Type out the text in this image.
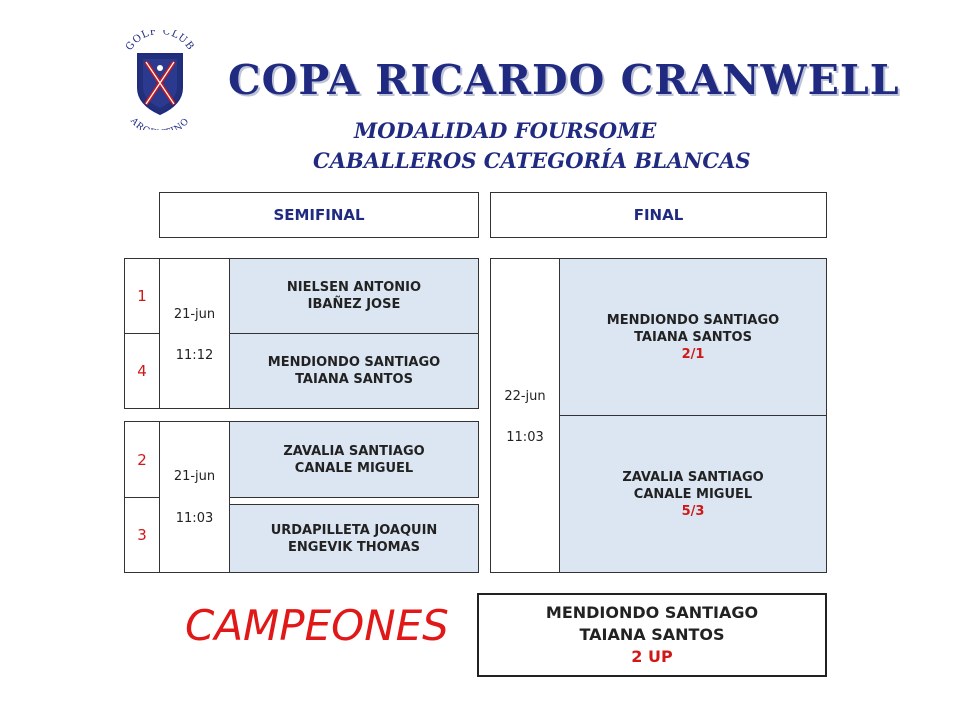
GOLF CLUB
AR NO
COPA RICARDO CRANWELL
MODALIDAD FOURSOME
CABALLEROS CATEGORÍA BLANCAS
SEMIFINAL	FINAL
1
4
21-jun
11:12
NIELSEN ANTONIO
IBAÑEZ JOSE
MENDIONDO SANTIAGO
TAIANA SANTOS
2
3
21-jun
11:03
ZAVALIA SANTIAGO
CANALE MIGUEL
URDAPILLETA JOAQUIN
ENGEVIK THOMAS
22-jun
11:03
MENDIONDO SANTIAGO
TAIANA SANTOS
2/1
ZAVALIA SANTIAGO
CANALE MIGUEL
5/3
CAMPEONES	MENDIONDO SANTIAGO
TAIANA SANTOS
2 UP
